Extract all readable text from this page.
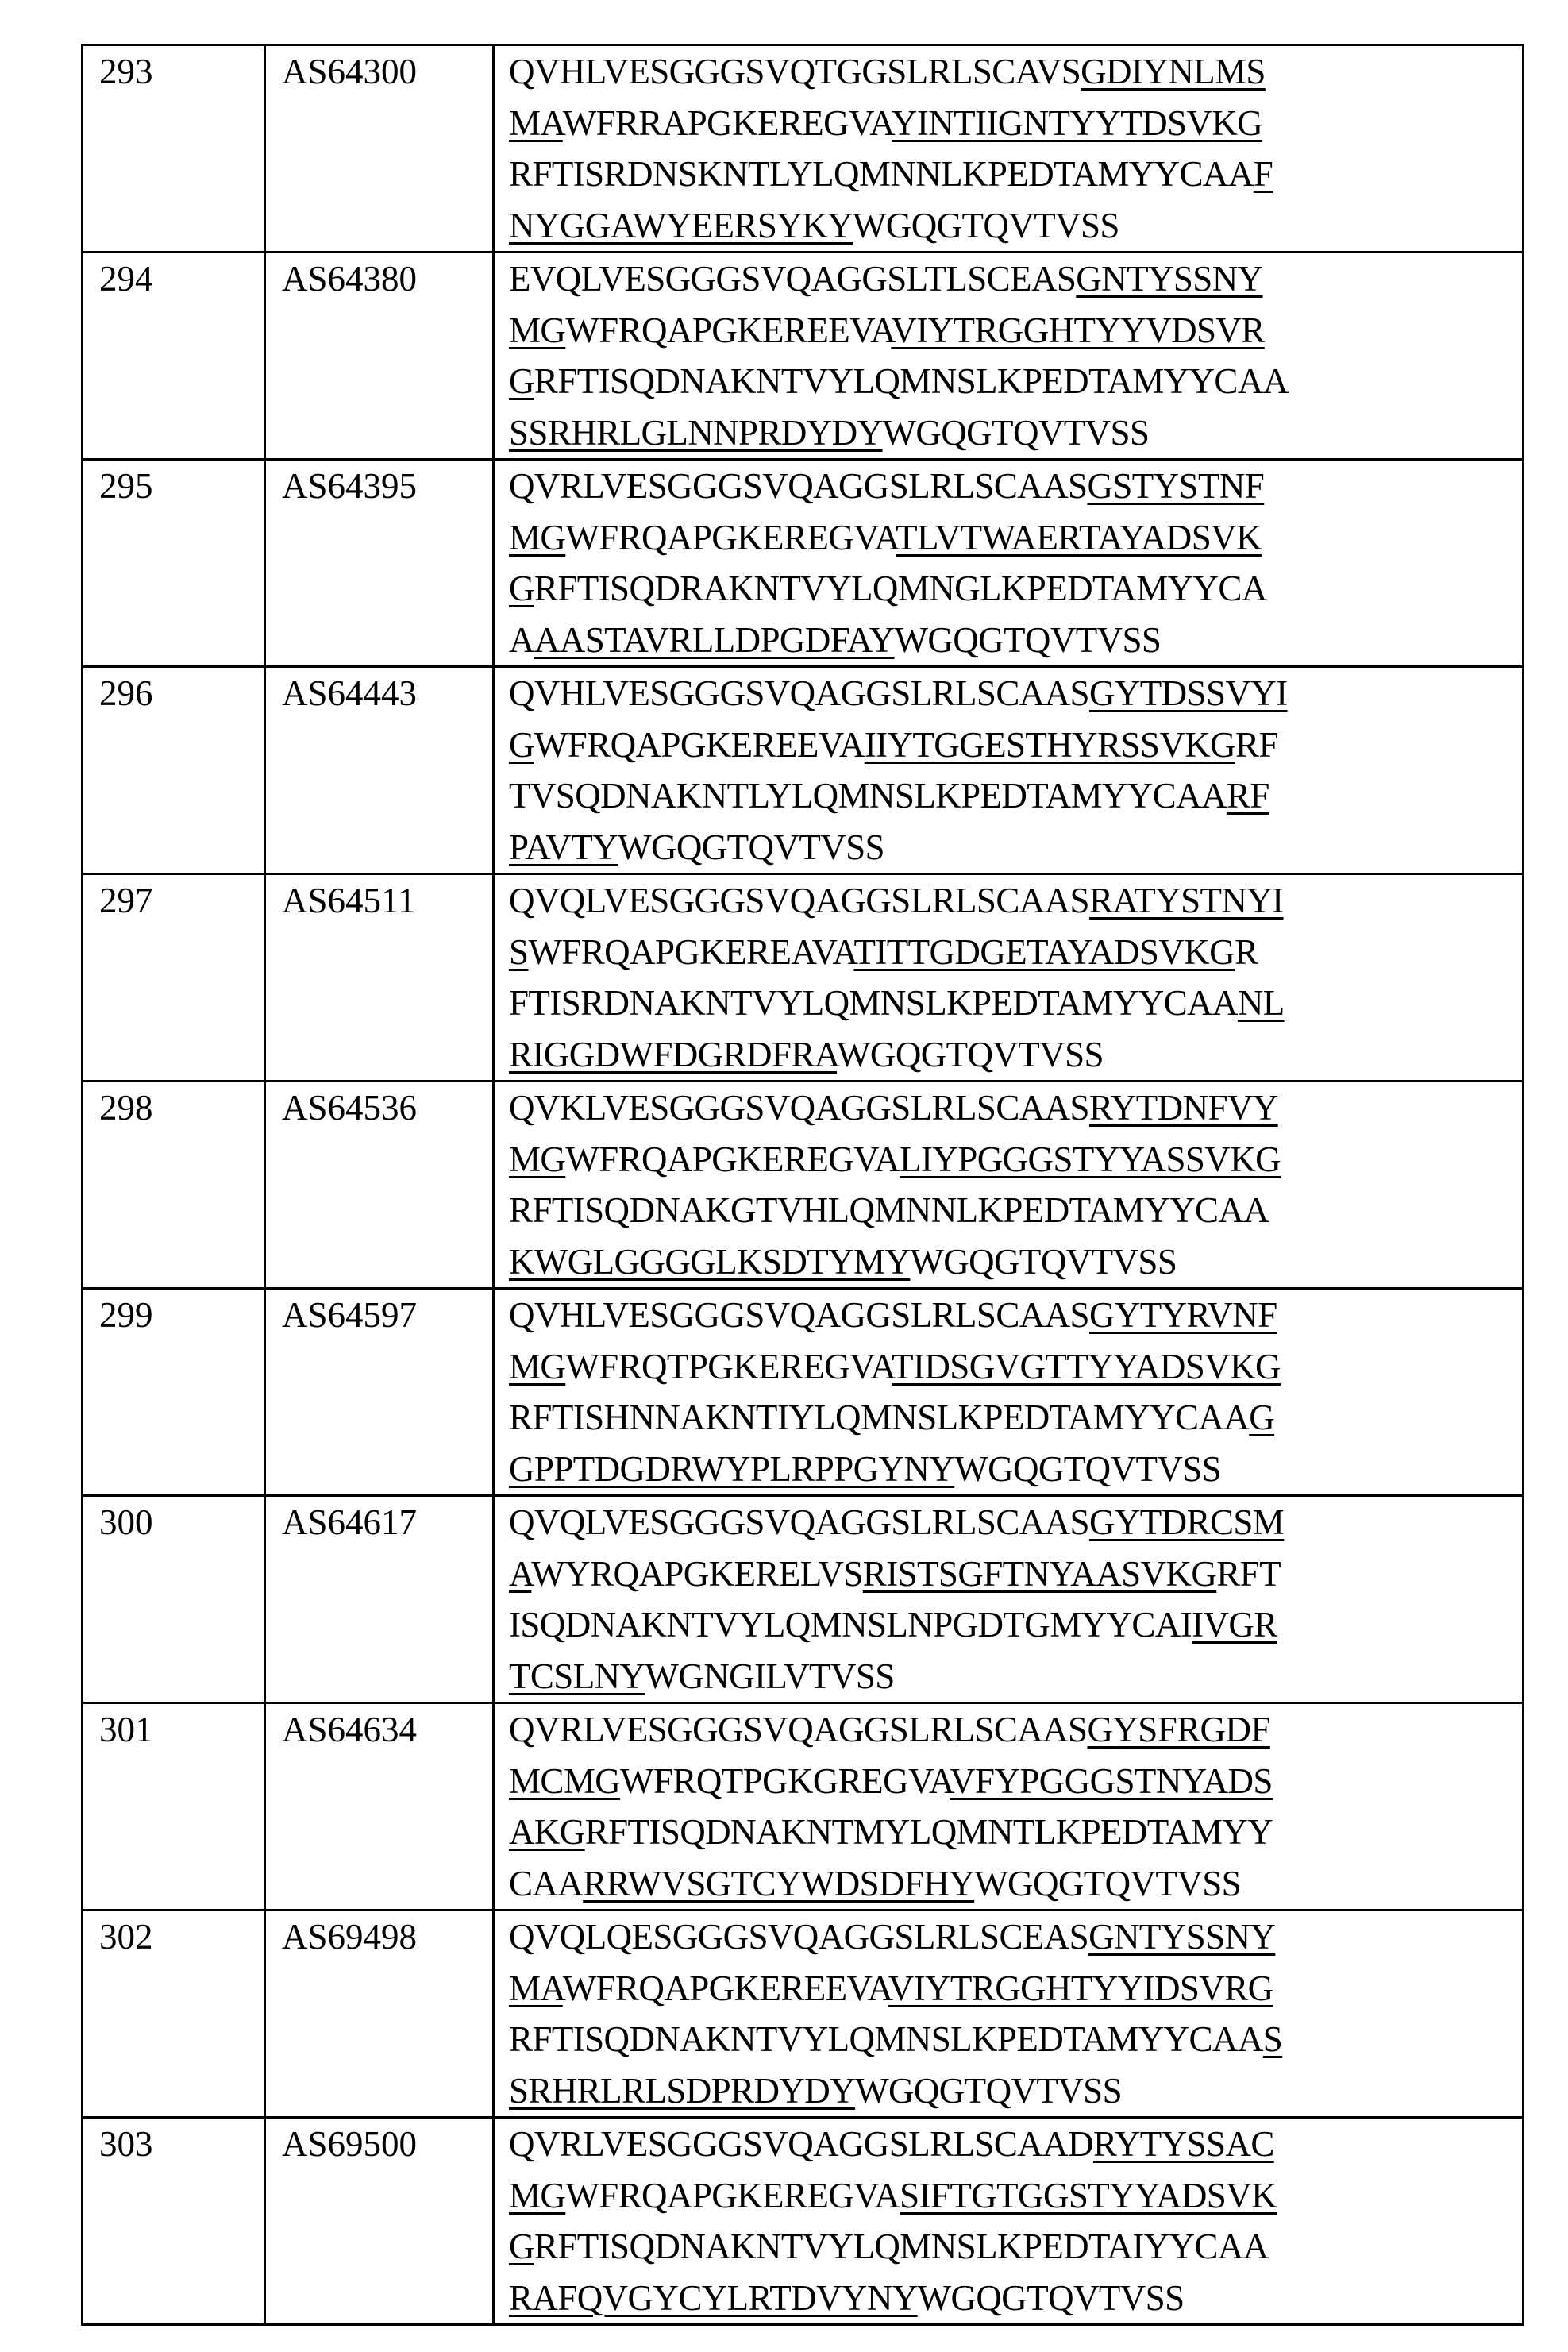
293	AS64300	QVHLVESGGGSVQTGGSLRLSCAVSGDIYNLMS
MAWFRRAPGKEREGVAYINTIIGNTYYTDSVKG
RFTISRDNSKNTLYLQMNNLKPEDTAMYYCAAF
NYGGAWYEERSYKYWGQGTQVTVSS

294	AS64380	EVQLVESGGGSVQAGGSLTLSCEASGNTYSSNY
MGWFRQAPGKEREEVAVIYTRGGHTYYVDSVR
GRFTISQDNAKNTVYLQMNSLKPEDTAMYYCAA
SSRHRLGLNNPRDYDYWGQGTQVTVSS

295	AS64395	QVRLVESGGGSVQAGGSLRLSCAASGSTYSTNF
MGWFRQAPGKEREGVATLVTWAERTAYADSVK
GRFTISQDRAKNTVYLQMNGLKPEDTAMYYCA
AAASTAVRLLDPGDFAYWGQGTQVTVSS

296	AS64443	QVHLVESGGGSVQAGGSLRLSCAASGYTDSSVYI
GWFRQAPGKEREEVAIIYTGGESTHYRSSVKGRF
TVSQDNAKNTLYLQMNSLKPEDTAMYYCAARF
PAVTYWGQGTQVTVSS

297	AS64511	QVQLVESGGGSVQAGGSLRLSCAASRATYSTNYI
SWFRQAPGKEREAVATITTGDGETAYADSVKGR
FTISRDNAKNTVYLQMNSLKPEDTAMYYCAANL
RIGGDWFDGRDFRAWGQGTQVTVSS

298	AS64536	QVKLVESGGGSVQAGGSLRLSCAASRYTDNFVY
MGWFRQAPGKEREGVALIYPGGGSTYYASSVKG
RFTISQDNAKGTVHLQMNNLKPEDTAMYYCAA
KWGLGGGGLKSDTYMYWGQGTQVTVSS

299	AS64597	QVHLVESGGGSVQAGGSLRLSCAASGYTYRVNF
MGWFRQTPGKEREGVATIDSGVGTTYYADSVKG
RFTISHNNAKNTIYLQMNSLKPEDTAMYYCAAG
GPPTDGDRWYPLRPPGYNYWGQGTQVTVSS

300	AS64617	QVQLVESGGGSVQAGGSLRLSCAASGYTDRCSM
AWYRQAPGKERELVSRISTSGFTNYAASVKGRFT
ISQDNAKNTVYLQMNSLNPGDTGMYYCAIIVGR
TCSLNYWGNGILVTVSS

301	AS64634	QVRLVESGGGSVQAGGSLRLSCAASGYSFRGDF
MCMGWFRQTPGKGREGVAVFYPGGGSTNYADS
AKGRFTISQDNAKNTMYLQMNTLKPEDTAMYY
CAARRWVSGTCYWDSDFHYWGQGTQVTVSS

302	AS69498	QVQLQESGGGSVQAGGSLRLSCEASGNTYSSNY
MAWFRQAPGKEREEVAVIYTRGGHTYYIDSVRG
RFTISQDNAKNTVYLQMNSLKPEDTAMYYCAAS
SRHRLRLSDPRDYDYWGQGTQVTVSS

303	AS69500	QVRLVESGGGSVQAGGSLRLSCAADRYTYSSAC
MGWFRQAPGKEREGVASIFTGTGGSTYYADSVK
GRFTISQDNAKNTVYLQMNSLKPEDTAIYYCAA
RAFQVGYCYLRTDVYNYWGQGTQVTVSS
